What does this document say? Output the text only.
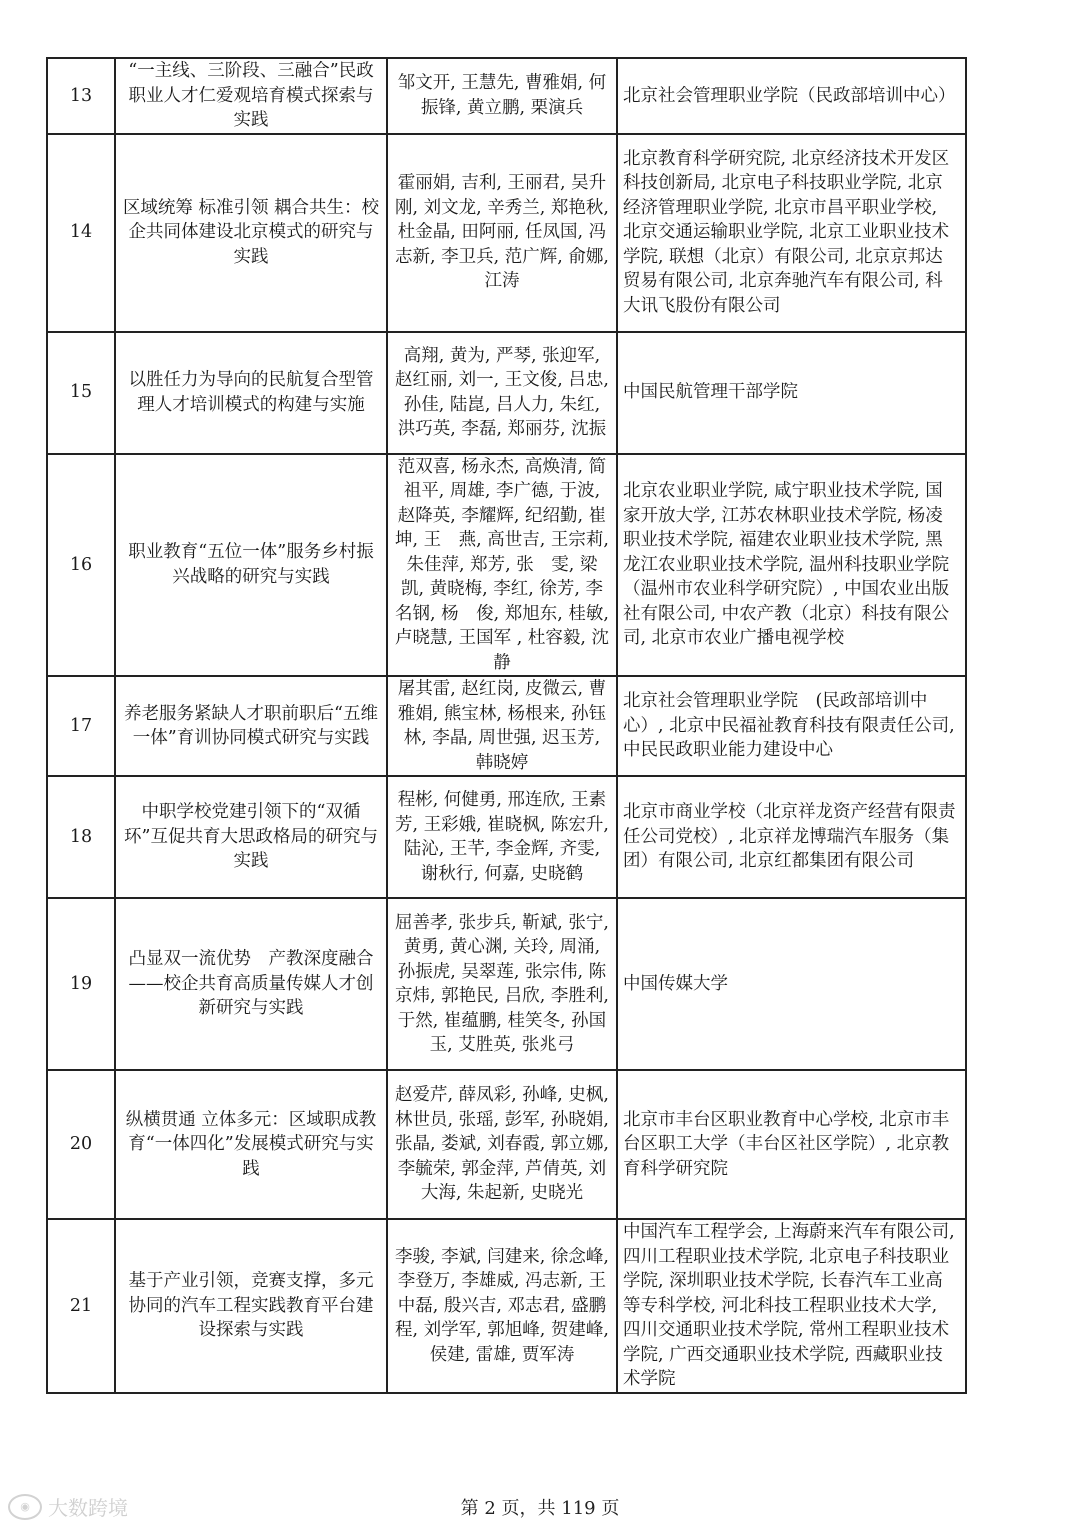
13	“一主线、三阶段、三融合”民政职业人才仁爱观培育模式探索与实践	邹文开, 王慧先, 曹雅娟, 何振锋, 黄立鹏, 栗演兵	北京社会管理职业学院（民政部培训中心）
14	区域统筹 标准引领 耦合共生：校企共同体建设北京模式的研究与实践	霍丽娟, 吉利, 王丽君, 吴升刚, 刘文龙, 辛秀兰, 郑艳秋, 杜金晶, 田阿丽, 任凤国, 冯志新, 李卫兵, 范广辉, 俞娜, 江涛	北京教育科学研究院, 北京经济技术开发区科技创新局, 北京电子科技职业学院, 北京经济管理职业学院, 北京市昌平职业学校, 北京交通运输职业学院, 北京工业职业技术学院, 联想（北京）有限公司, 北京京邦达贸易有限公司, 北京奔驰汽车有限公司, 科大讯飞股份有限公司
15	以胜任力为导向的民航复合型管理人才培训模式的构建与实施	高翔, 黄为, 严琴, 张迎军, 赵红丽, 刘一, 王文俊, 吕忠, 孙佳, 陆崑, 吕人力, 朱红, 洪巧英, 李磊, 郑丽芬, 沈振	中国民航管理干部学院
16	职业教育“五位一体”服务乡村振兴战略的研究与实践	范双喜, 杨永杰, 高焕清, 简祖平, 周雄, 李广德, 于波, 赵降英, 李耀辉, 纪绍勤, 崔　坤, 王　燕, 高世吉, 王宗莉, 朱佳萍, 郑芳, 张　雯, 梁　凯, 黄晓梅, 李红, 徐芳, 李名钢, 杨　俊, 郑旭东, 桂敏, 卢晓慧, 王国军 , 杜容毅, 沈 静	北京农业职业学院, 咸宁职业技术学院, 国家开放大学, 江苏农林职业技术学院, 杨凌职业技术学院, 福建农业职业技术学院, 黑龙江农业职业技术学院, 温州科技职业学院（温州市农业科学研究院）, 中国农业出版社有限公司, 中农产教（北京）科技有限公司, 北京市农业广播电视学校
17	养老服务紧缺人才职前职后“五维一体”育训协同模式研究与实践	屠其雷, 赵红岗, 皮微云, 曹雅娟, 熊宝林, 杨根来, 孙钰林, 李晶, 周世强, 迟玉芳, 韩晓婷	北京社会管理职业学院　(民政部培训中心）, 北京中民福祉教育科技有限责任公司, 中民民政职业能力建设中心
18	中职学校党建引领下的“双循环”互促共育大思政格局的研究与实践	程彬, 何健勇, 邢连欣, 王素芳, 王彩娥, 崔晓枫, 陈宏升, 陆沁, 王芊, 李金辉, 齐雯, 谢秋行, 何嘉, 史晓鹤	北京市商业学校（北京祥龙资产经营有限责任公司党校）, 北京祥龙博瑞汽车服务（集团）有限公司, 北京红都集团有限公司
19	凸显双一流优势　产教深度融合——校企共育高质量传媒人才创新研究与实践	屈善孝, 张步兵, 靳斌, 张宁, 黄勇, 黄心渊, 关玲, 周涌, 孙振虎, 吴翠莲, 张宗伟, 陈京炜, 郭艳民, 吕欣, 李胜利, 于然, 崔蕴鹏, 桂笑冬, 孙国玉, 艾胜英, 张兆弓	中国传媒大学
20	纵横贯通 立体多元：区域职成教育“一体四化”发展模式研究与实践	赵爱芹, 薛凤彩, 孙峰, 史枫, 林世员, 张瑶, 彭军, 孙晓娟, 张晶, 娄斌, 刘春霞, 郭立娜, 李毓荣, 郭金萍, 芦倩英, 刘大海, 朱起新, 史晓光	北京市丰台区职业教育中心学校, 北京市丰台区职工大学（丰台区社区学院）, 北京教育科学研究院
21	基于产业引领，竞赛支撑，多元协同的汽车工程实践教育平台建设探索与实践	李骏, 李斌, 闫建来, 徐念峰, 李登万, 李雄威, 冯志新, 王中磊, 殷兴吉, 邓志君, 盛鹏程, 刘学军, 郭旭峰, 贺建峰, 侯建, 雷雄, 贾军涛	中国汽车工程学会, 上海蔚来汽车有限公司, 四川工程职业技术学院, 北京电子科技职业学院, 深圳职业技术学院, 长春汽车工业高等专科学校, 河北科技工程职业技术大学, 四川交通职业技术学院, 常州工程职业技术学院, 广西交通职业技术学院, 西藏职业技术学院
◉ 大数跨境	第 2 页，共 119 页
